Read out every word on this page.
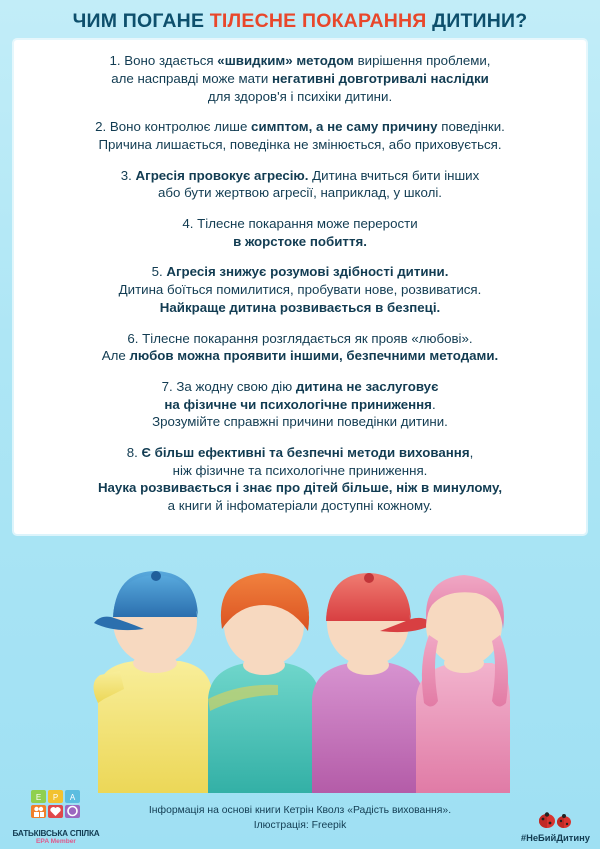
ЧИМ ПОГАНЕ ТІЛЕСНЕ ПОКАРАННЯ ДИТИНИ?
1. Воно здається «швидким» методом вирішення проблеми,
але насправді може мати негативні довготривалі наслідки
для здоров'я і психіки дитини.
2. Воно контролює лише симптом, а не саму причину поведінки.
Причина лишається, поведінка не змінюється, або приховується.
3. Агресія провокує агресію. Дитина вчиться бити інших
або бути жертвою агресії, наприклад, у школі.
4. Тілесне покарання може перерости
в жорстоке побиття.
5. Агресія знижує розумові здібності дитини.
Дитина боїться помилитися, пробувати нове, розвиватися.
Найкраще дитина розвивається в безпеці.
6. Тілесне покарання розглядається як прояв «любові».
Але любов можна проявити іншими, безпечними методами.
7. За жодну свою дію дитина не заслуговує
на фізичне чи психологічне приниження.
Зрозумійте справжні причини поведінки дитини.
8. Є більш ефективні та безпечні методи виховання,
ніж фізичне та психологічне приниження.
Наука розвивається і знає про дітей більше, ніж в минулому,
а книги й інфоматеріали доступні кожному.
Інформація на основі книги Кетрін Кволз «Радість виховання».
Ілюстрація: Freepik
E P A
БАТЬКІВСЬКА СПІЛКА
EPA Member	#НеБийДитину
